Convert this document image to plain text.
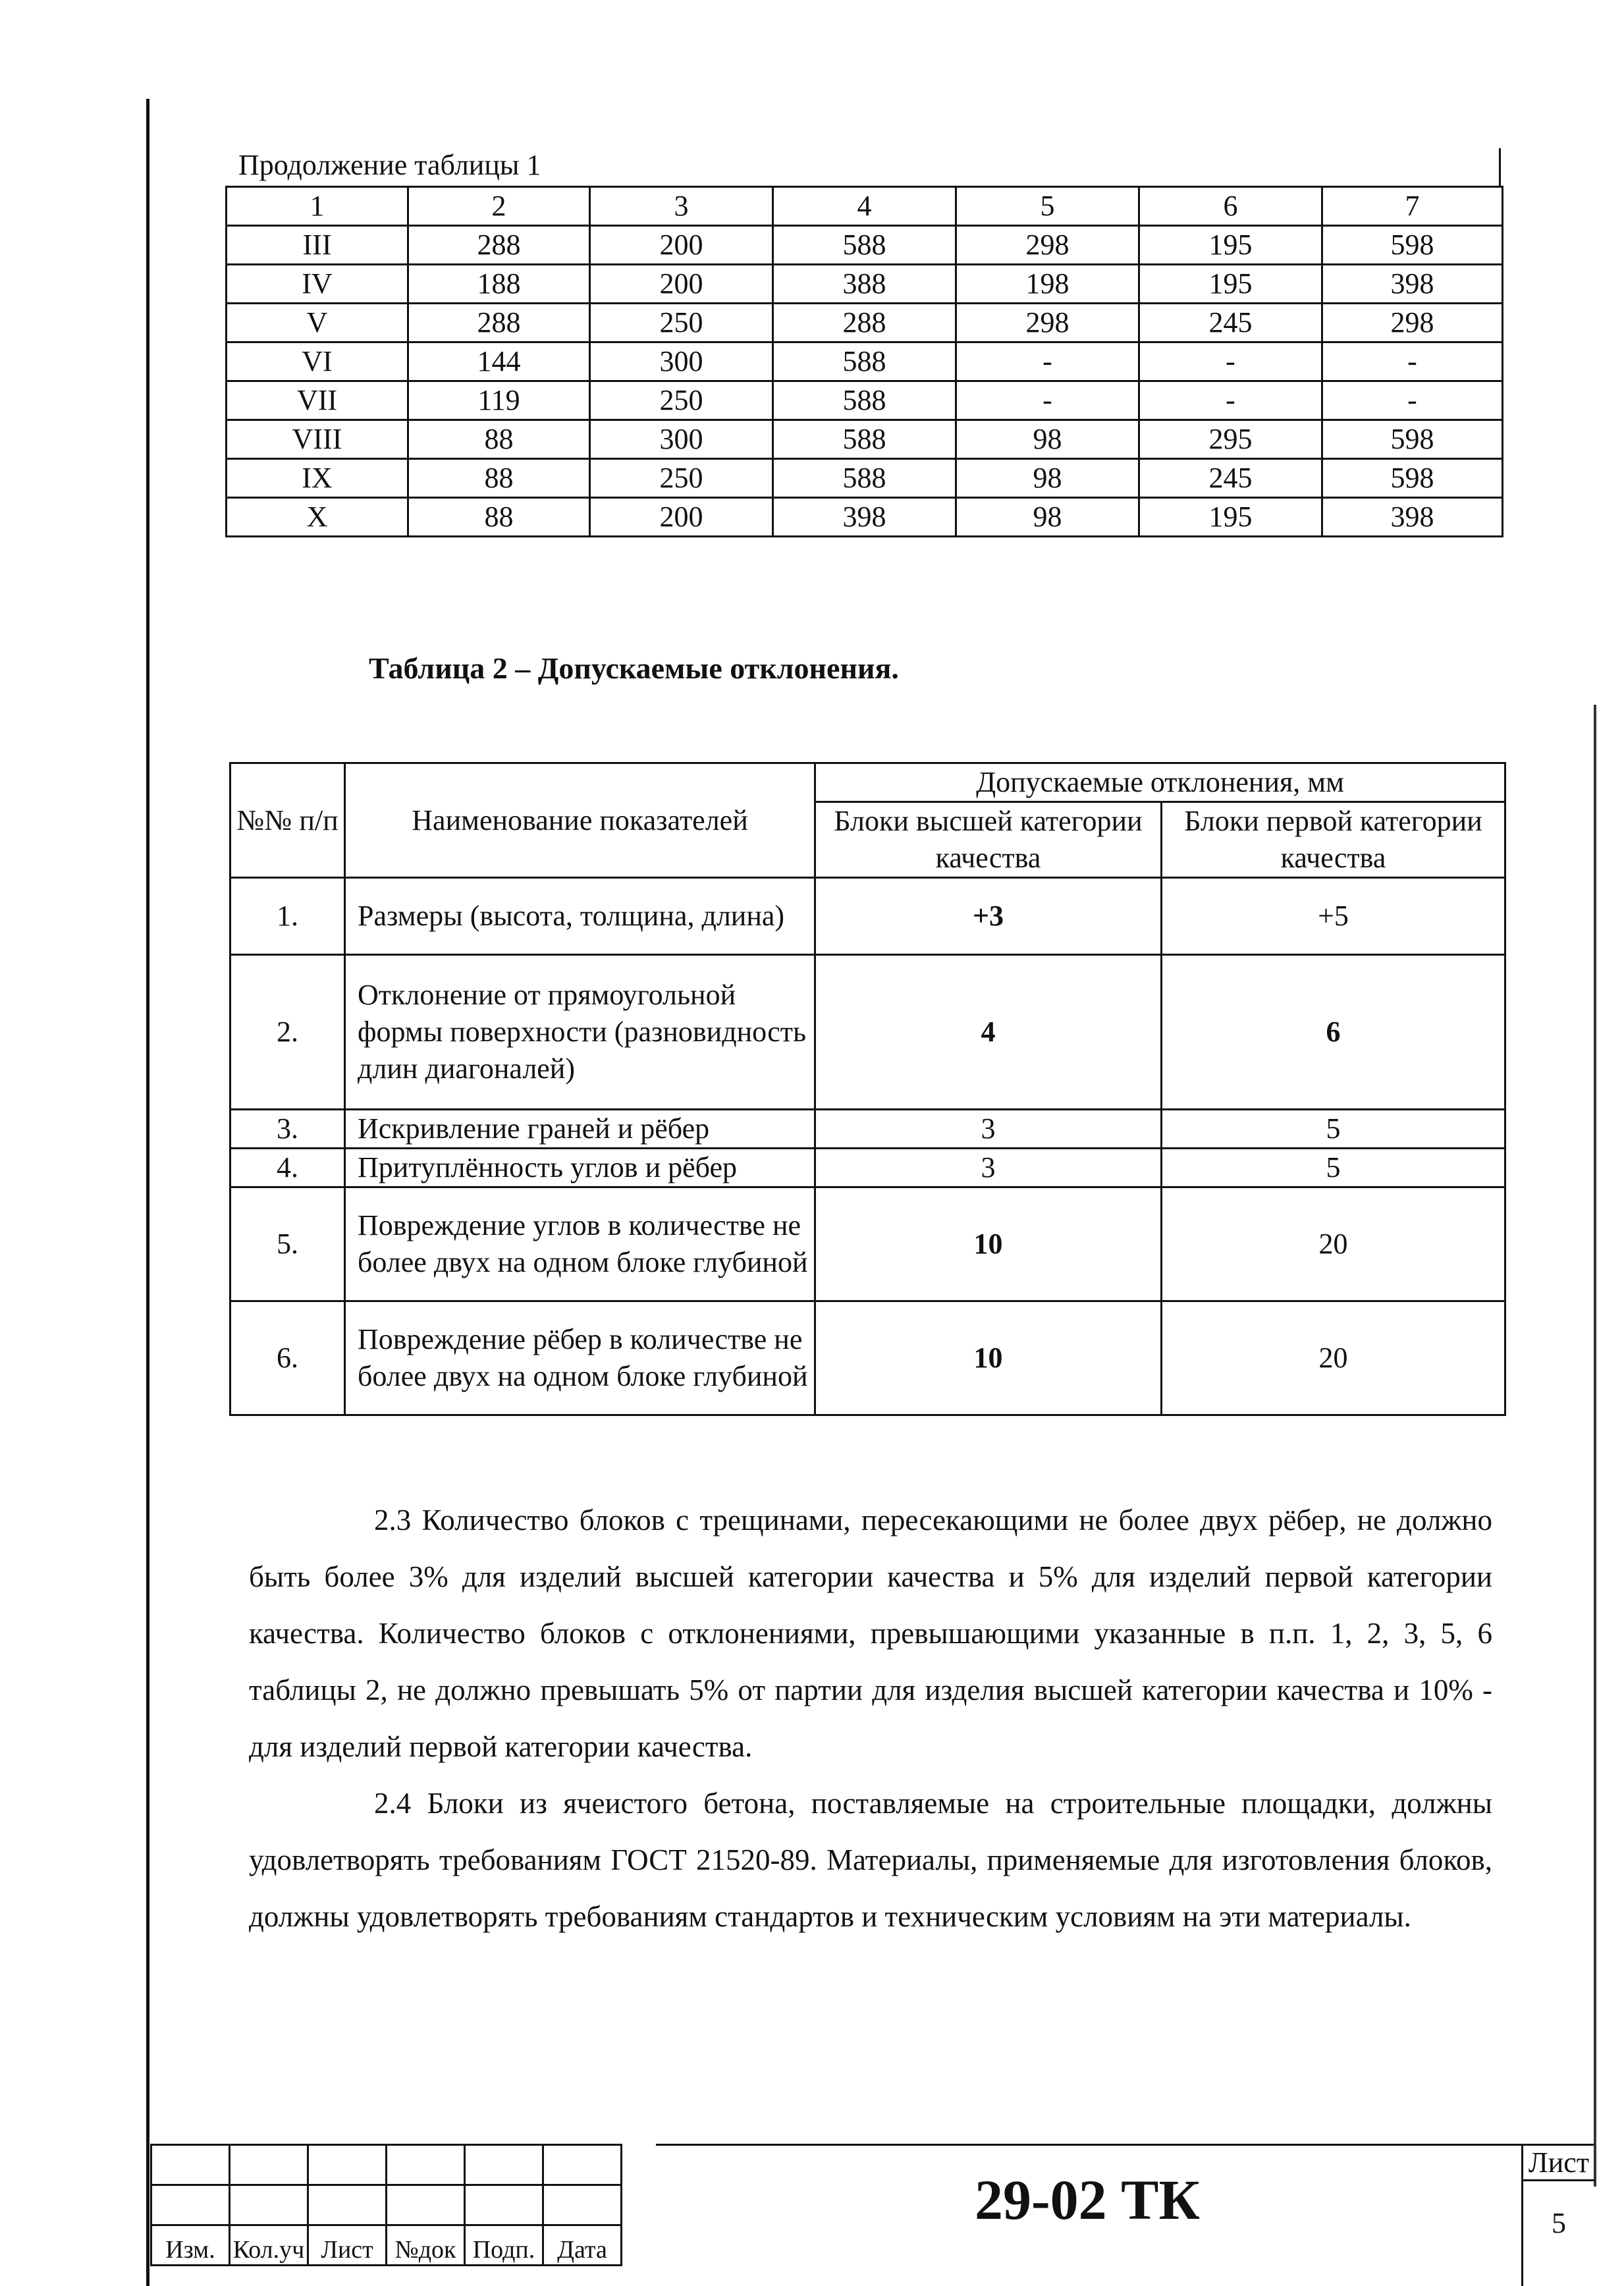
Продолжение таблицы 1
1	2	3	4	5	6	7
III	288	200	588	298	195	598
IV	188	200	388	198	195	398
V	288	250	288	298	245	298
VI	144	300	588	-	-	-
VII	119	250	588	-	-	-
VIII	88	300	588	98	295	598
IX	88	250	588	98	245	598
X	88	200	398	98	195	398
Таблица 2 – Допускаемые отклонения.
№№ п/п	Наименование показателей	Допускаемые отклонения, мм	
		Блоки высшей категории качества	Блоки первой категории качества
1.	Размеры (высота, толщина, длина)	+3	+5
2.	Отклонение от прямоугольной формы поверхности (разновидность длин диагоналей)	4	6
3.	Искривление граней и рёбер	3	5
4.	Притуплённость углов и рёбер	3	5
5.	Повреждение углов в количестве не более двух на одном блоке глубиной	10	20
6.	Повреждение рёбер в количестве не более двух на одном блоке глубиной	10	20

2.3 Количество блоков с трещинами, пересекающими не более двух рёбер, не должно быть более 3% для изделий высшей категории качества и 5% для изделий первой категории качества. Количество блоков с отклонениями, превышающими указанные в п.п. 1, 2, 3, 5, 6 таблицы 2, не должно превышать 5% от партии для изделия высшей категории качества и 10% - для изделий первой категории качества.

2.4 Блоки из ячеистого бетона, поставляемые на строительные площадки, должны удовлетворять требованиям ГОСТ 21520-89. Материалы, применяемые для изготовления блоков, должны удовлетворять требованиям стандартов и техническим условиям на эти материалы.

Изм.	Кол.уч	Лист	№док	Подп.	Дата
29-02 ТК
Лист
5
